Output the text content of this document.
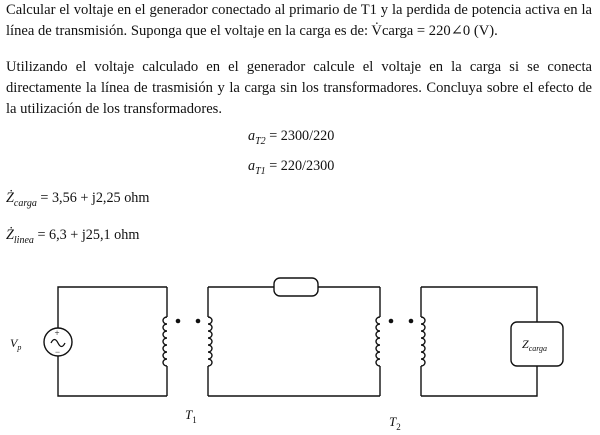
Calcular el voltaje en el generador conectado al primario de T1 y la perdida de potencia activa en la línea de transmisión. Suponga que el voltaje en la carga es de: V̇carga = 220∠0 (V).

Utilizando el voltaje calculado en el generador calcule el voltaje en la carga si se conecta directamente la línea de trasmisión y la carga sin los transformadores. Concluya sobre el efecto de la utilización de los transformadores.

$a_{T2} = 2300/220$
$a_{T1} = 220/2300$
$Ż_{carga} = 3,56 + j2,25$ ohm
$Ż_{linea} = 6,3 + j25,1$ ohm
+
−
$V_p$	$Z_{carga}$
$T_1$	$T_2$
